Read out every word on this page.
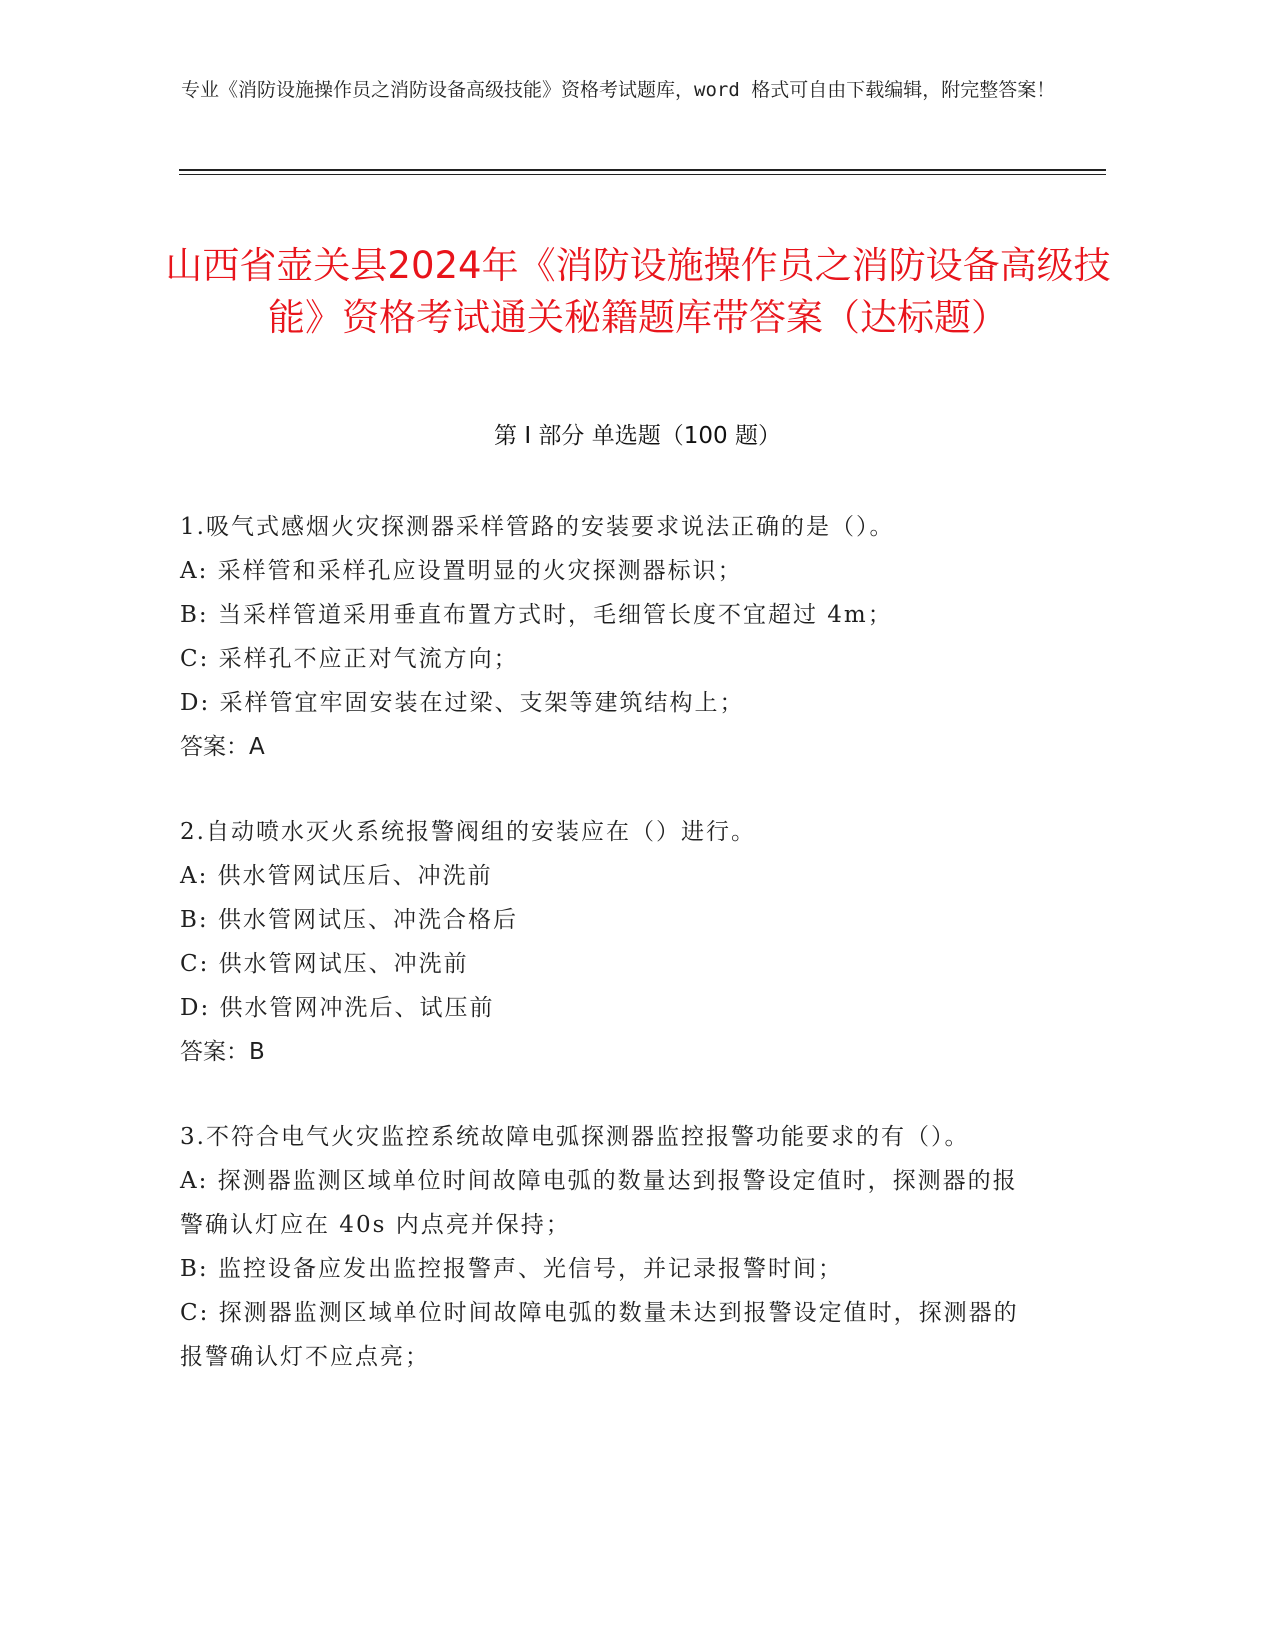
专业《消防设施操作员之消防设备高级技能》资格考试题库，word 格式可自由下载编辑，附完整答案！
山西省壶关县2024年《消防设施操作员之消防设备高级技能》资格考试通关秘籍题库带答案（达标题）
第 I 部分 单选题（100 题）

1.吸气式感烟火灾探测器采样管路的安装要求说法正确的是（）。

A: 采样管和采样孔应设置明显的火灾探测器标识；

B: 当采样管道采用垂直布置方式时，毛细管长度不宜超过 4m；

C: 采样孔不应正对气流方向；

D: 采样管宜牢固安装在过梁、支架等建筑结构上；

答案：A

2.自动喷水灭火系统报警阀组的安装应在（）进行。

A: 供水管网试压后、冲洗前

B: 供水管网试压、冲洗合格后

C: 供水管网试压、冲洗前

D: 供水管网冲洗后、试压前

答案：B

3.不符合电气火灾监控系统故障电弧探测器监控报警功能要求的有（）。

A: 探测器监测区域单位时间故障电弧的数量达到报警设定值时，探测器的报警确认灯应在 40s 内点亮并保持；

B: 监控设备应发出监控报警声、光信号，并记录报警时间；

C: 探测器监测区域单位时间故障电弧的数量未达到报警设定值时，探测器的报警确认灯不应点亮；
